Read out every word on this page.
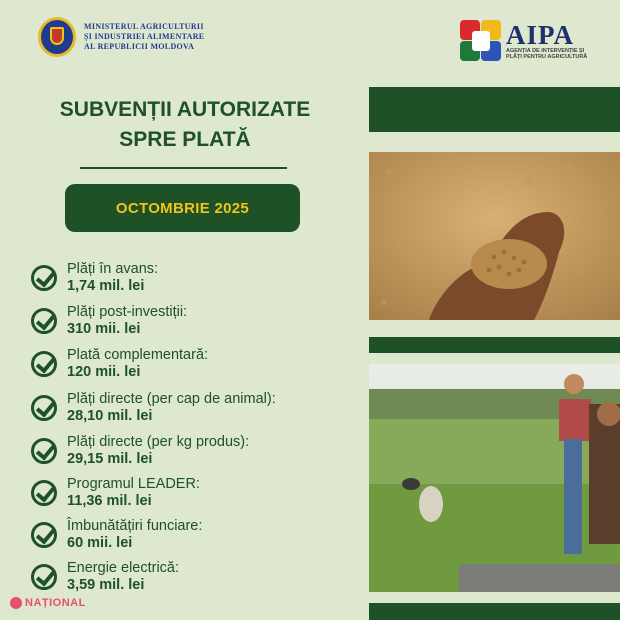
MINISTERUL AGRICULTURII
ȘI INDUSTRIEI ALIMENTARE
AL REPUBLICII MOLDOVA	AIPA
AGENȚIA DE INTERVENȚIE ȘI
PLĂȚI PENTRU AGRICULTURĂ
SUBVENȚII AUTORIZATE
SPRE PLATĂ
OCTOMBRIE 2025
Plăți în avans:
1,74 mil. lei
Plăți post-investiții:
310 mii. lei
Plată complementară:
120 mii. lei
Plăți directe (per cap de animal):
28,10 mil. lei
Plăți directe (per kg produs):
29,15 mil. lei
Programul LEADER:
11,36 mil. lei
Îmbunătățiri funciare:
60 mii. lei
Energie electrică:
3,59 mil. lei
NAȚIONAL
